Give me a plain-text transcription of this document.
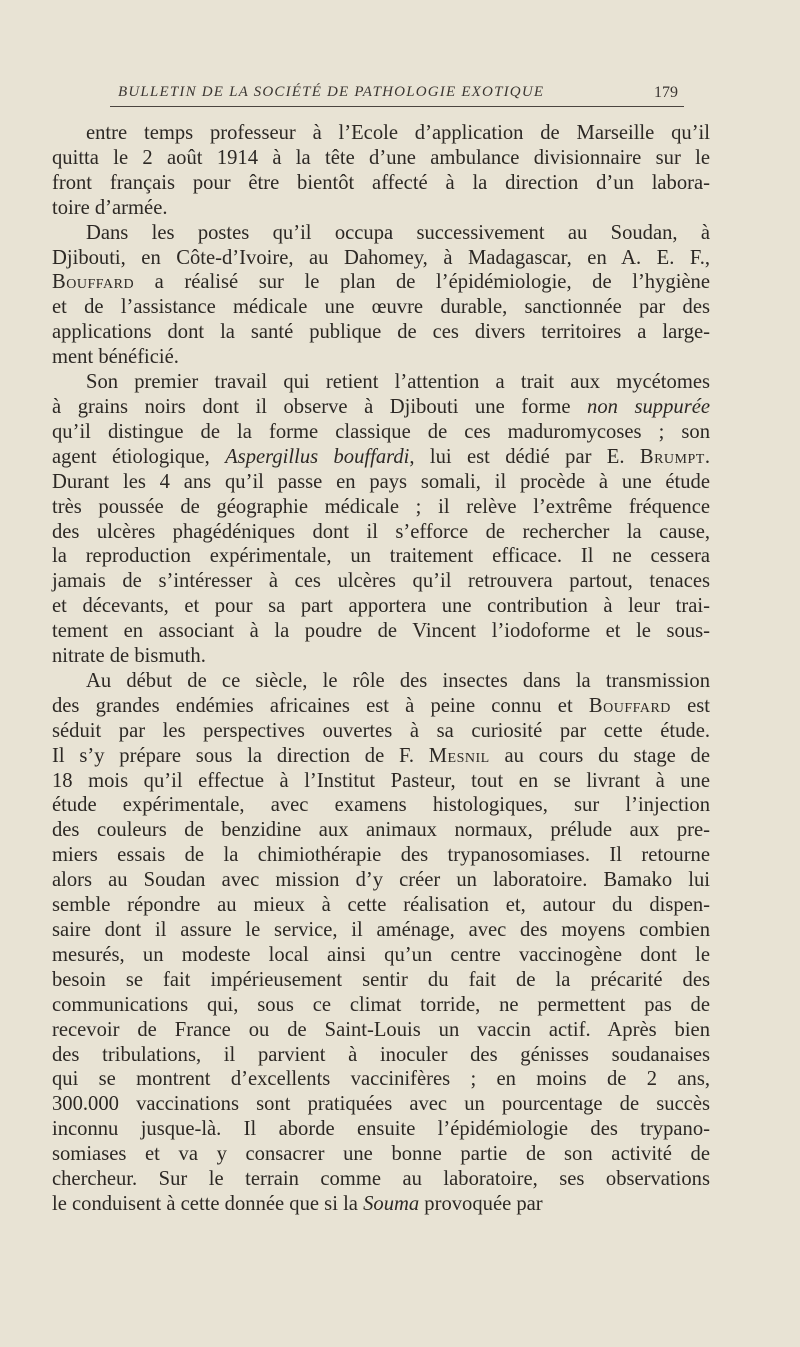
BULLETIN DE LA SOCIÉTÉ DE PATHOLOGIE EXOTIQUE	179

entre temps professeur à l’Ecole d’application de Marseille qu’il
quitta le 2 août 1914 à la tête d’une ambulance divisionnaire sur le
front français pour être bientôt affecté à la direction d’un labora-
toire d’armée.

Dans les postes qu’il occupa successivement au Soudan, à
Djibouti, en Côte-d’Ivoire, au Dahomey, à Madagascar, en A. E. F.,
Bouffard a réalisé sur le plan de l’épidémiologie, de l’hygiène
et de l’assistance médicale une œuvre durable, sanctionnée par des
applications dont la santé publique de ces divers territoires a large-
ment bénéficié.

Son premier travail qui retient l’attention a trait aux mycétomes
à grains noirs dont il observe à Djibouti une forme non suppurée
qu’il distingue de la forme classique de ces maduromycoses ; son
agent étiologique, Aspergillus bouffardi, lui est dédié par E. Brumpt.
Durant les 4 ans qu’il passe en pays somali, il procède à une étude
très poussée de géographie médicale ; il relève l’extrême fréquence
des ulcères phagédéniques dont il s’efforce de rechercher la cause,
la reproduction expérimentale, un traitement efficace. Il ne cessera
jamais de s’intéresser à ces ulcères qu’il retrouvera partout, tenaces
et décevants, et pour sa part apportera une contribution à leur trai-
tement en associant à la poudre de Vincent l’iodoforme et le sous-
nitrate de bismuth.

Au début de ce siècle, le rôle des insectes dans la transmission
des grandes endémies africaines est à peine connu et Bouffard est
séduit par les perspectives ouvertes à sa curiosité par cette étude.
Il s’y prépare sous la direction de F. Mesnil au cours du stage de
18 mois qu’il effectue à l’Institut Pasteur, tout en se livrant à une
étude expérimentale, avec examens histologiques, sur l’injection
des couleurs de benzidine aux animaux normaux, prélude aux pre-
miers essais de la chimiothérapie des trypanosomiases. Il retourne
alors au Soudan avec mission d’y créer un laboratoire. Bamako lui
semble répondre au mieux à cette réalisation et, autour du dispen-
saire dont il assure le service, il aménage, avec des moyens combien
mesurés, un modeste local ainsi qu’un centre vaccinogène dont le
besoin se fait impérieusement sentir du fait de la précarité des
communications qui, sous ce climat torride, ne permettent pas de
recevoir de France ou de Saint-Louis un vaccin actif. Après bien
des tribulations, il parvient à inoculer des génisses soudanaises
qui se montrent d’excellents vaccinifères ; en moins de 2 ans,
300.000 vaccinations sont pratiquées avec un pourcentage de succès
inconnu jusque-là. Il aborde ensuite l’épidémiologie des trypano-
somiases et va y consacrer une bonne partie de son activité de
chercheur. Sur le terrain comme au laboratoire, ses observations
le conduisent à cette donnée que si la Souma provoquée par
